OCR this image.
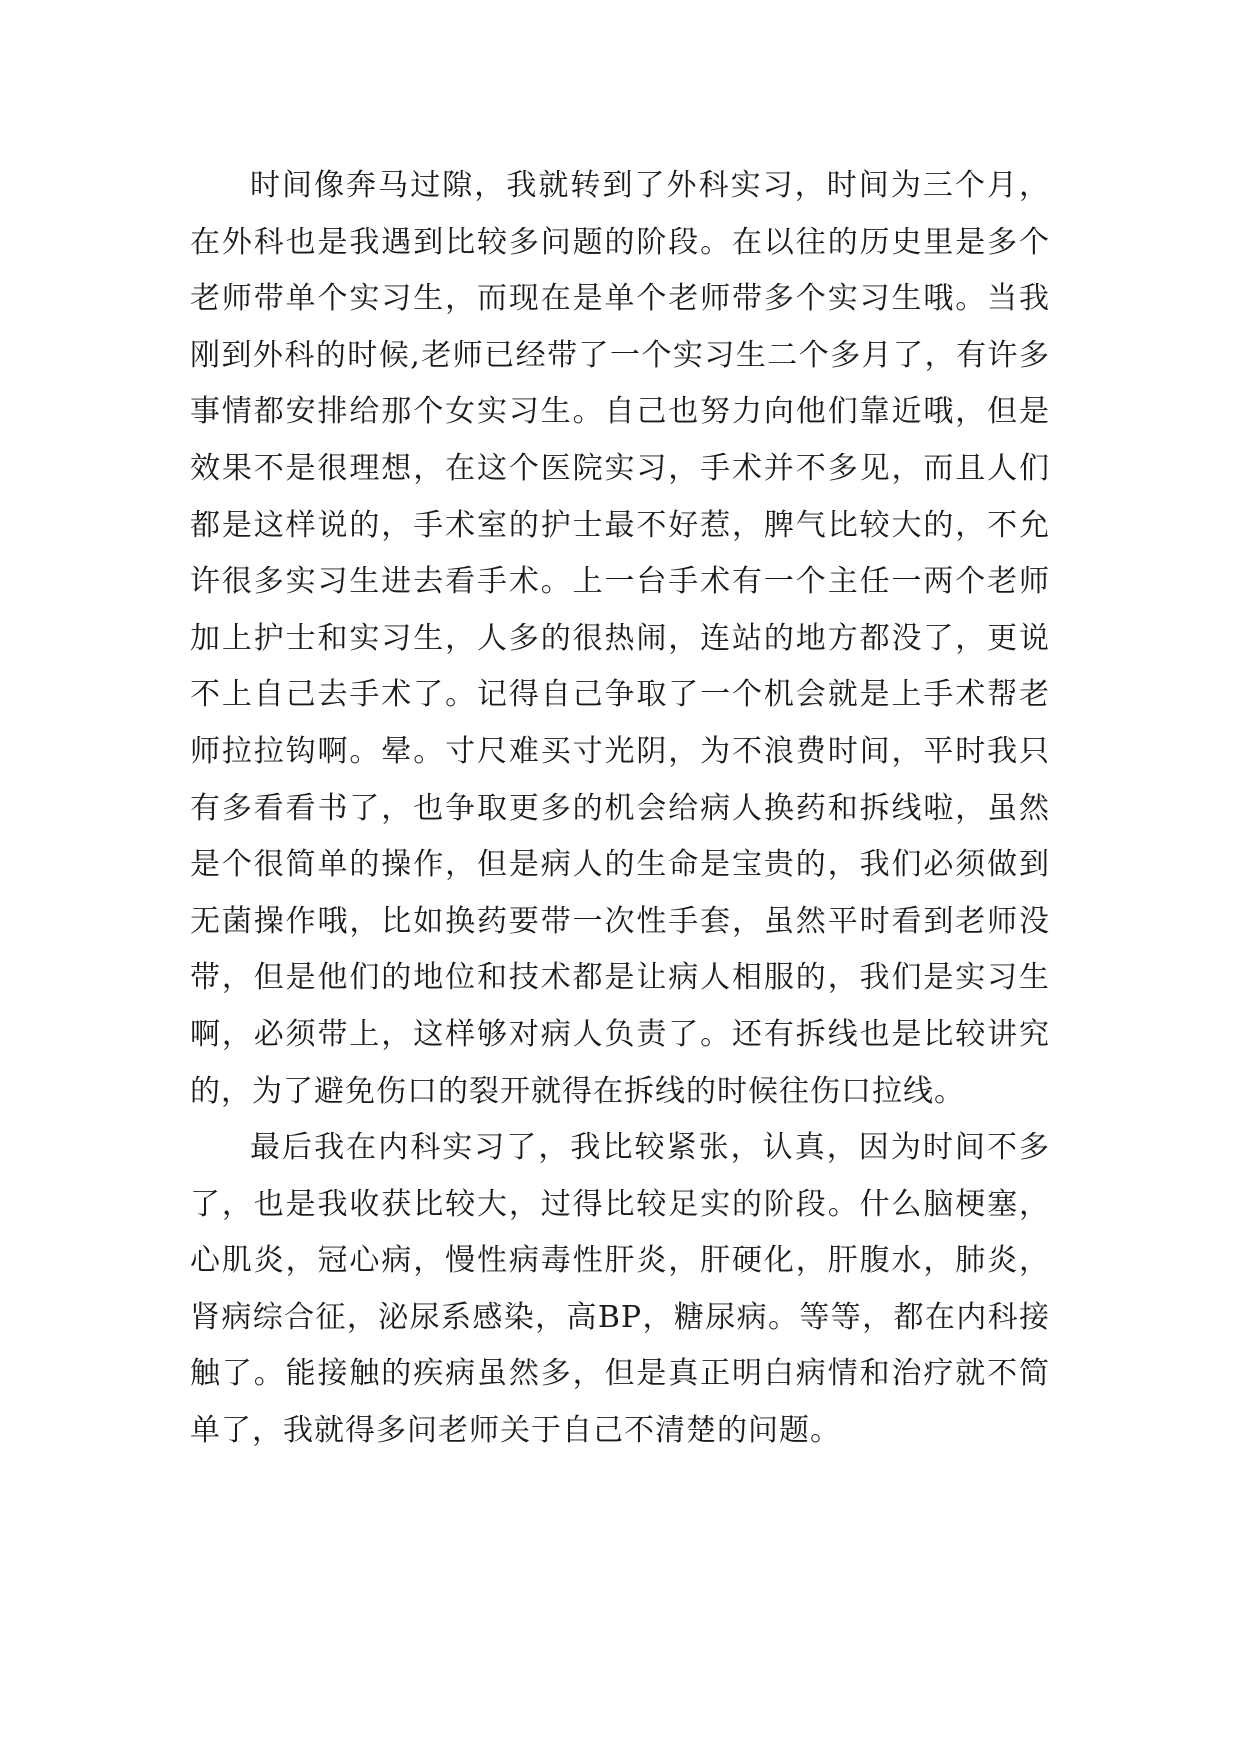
时间像奔马过隙，我就转到了外科实习，时间为三个月，在外科也是我遇到比较多问题的阶段。在以往的历史里是多个老师带单个实习生，而现在是单个老师带多个实习生哦。当我刚到外科的时候,老师已经带了一个实习生二个多月了，有许多事情都安排给那个女实习生。自己也努力向他们靠近哦，但是效果不是很理想，在这个医院实习，手术并不多见，而且人们都是这样说的，手术室的护士最不好惹，脾气比较大的，不允许很多实习生进去看手术。上一台手术有一个主任一两个老师加上护士和实习生，人多的很热闹，连站的地方都没了，更说不上自己去手术了。记得自己争取了一个机会就是上手术帮老师拉拉钩啊。晕。寸尺难买寸光阴，为不浪费时间，平时我只有多看看书了，也争取更多的机会给病人换药和拆线啦，虽然是个很简单的操作，但是病人的生命是宝贵的，我们必须做到无菌操作哦，比如换药要带一次性手套，虽然平时看到老师没带，但是他们的地位和技术都是让病人相服的，我们是实习生啊，必须带上，这样够对病人负责了。还有拆线也是比较讲究的，为了避免伤口的裂开就得在拆线的时候往伤口拉线。

最后我在内科实习了，我比较紧张，认真，因为时间不多了，也是我收获比较大，过得比较足实的阶段。什么脑梗塞，心肌炎，冠心病，慢性病毒性肝炎，肝硬化，肝腹水，肺炎，肾病综合征，泌尿系感染，高BP，糖尿病。等等，都在内科接触了。能接触的疾病虽然多，但是真正明白病情和治疗就不简单了，我就得多问老师关于自己不清楚的问题。
